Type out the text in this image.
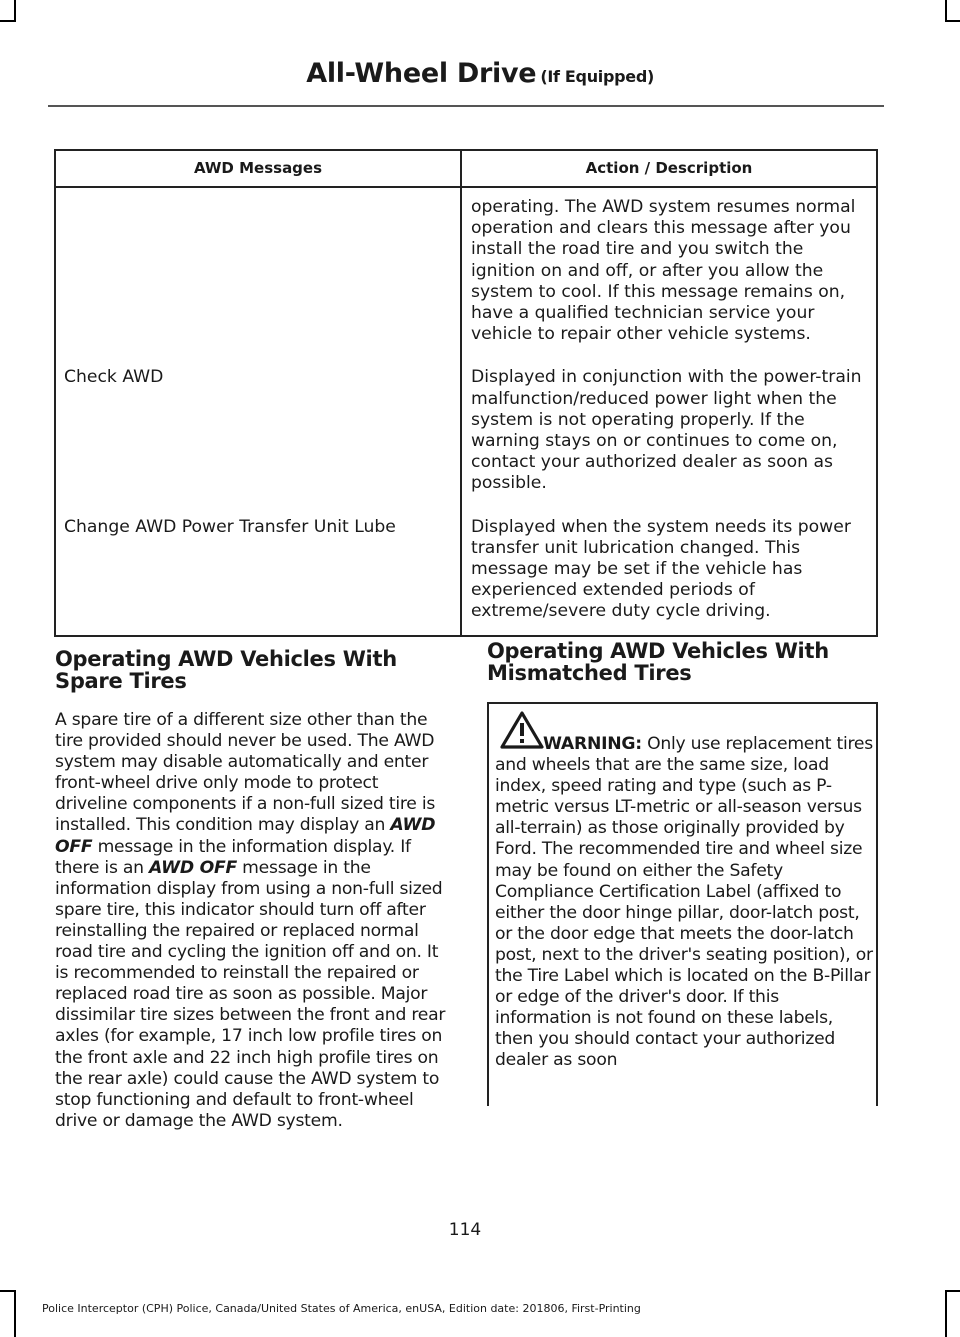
All-Wheel Drive (If Equipped)
AWD Messages	Action / Description
	operating. The AWD system resumes normal operation and clears this message after you install the road tire and you switch the ignition on and off, or after you allow the system to cool. If this message remains on, have a qualified technician service your vehicle to repair other vehicle systems.
Check AWD	Displayed in conjunction with the power-train malfunction/reduced power light when the system is not operating properly. If the warning stays on or continues to come on, contact your authorized dealer as soon as possible.
Change AWD Power Transfer Unit Lube	Displayed when the system needs its power transfer unit lubrication changed. This message may be set if the vehicle has experienced extended periods of extreme/severe duty cycle driving.
Operating AWD Vehicles With Spare Tires

A spare tire of a different size other than the tire provided should never be used. The AWD system may disable automatically and enter front-wheel drive only mode to protect driveline components if a non-full sized tire is installed. This condition may display an AWD OFF message in the information display. If there is an AWD OFF message in the information display from using a non-full sized spare tire, this indicator should turn off after reinstalling the repaired or replaced normal road tire and cycling the ignition off and on. It is recommended to reinstall the repaired or replaced road tire as soon as possible. Major dissimilar tire sizes between the front and rear axles (for example, 17 inch low profile tires on the front axle and 22 inch high profile tires on the rear axle) could cause the AWD system to stop functioning and default to front-wheel drive or damage the AWD system.

Operating AWD Vehicles With Mismatched Tires
WARNING: Only use replacement tires and wheels that are the same size, load index, speed rating and type (such as P-metric versus LT-metric or all-season versus all-terrain) as those originally provided by Ford. The recommended tire and wheel size may be found on either the Safety Compliance Certification Label (affixed to either the door hinge pillar, door-latch post, or the door edge that meets the door-latch post, next to the driver's seating position), or the Tire Label which is located on the B-Pillar or edge of the driver's door. If this information is not found on these labels, then you should contact your authorized dealer as soon
114
Police Interceptor (CPH) Police, Canada/United States of America, enUSA, Edition date: 201806, First-Printing
